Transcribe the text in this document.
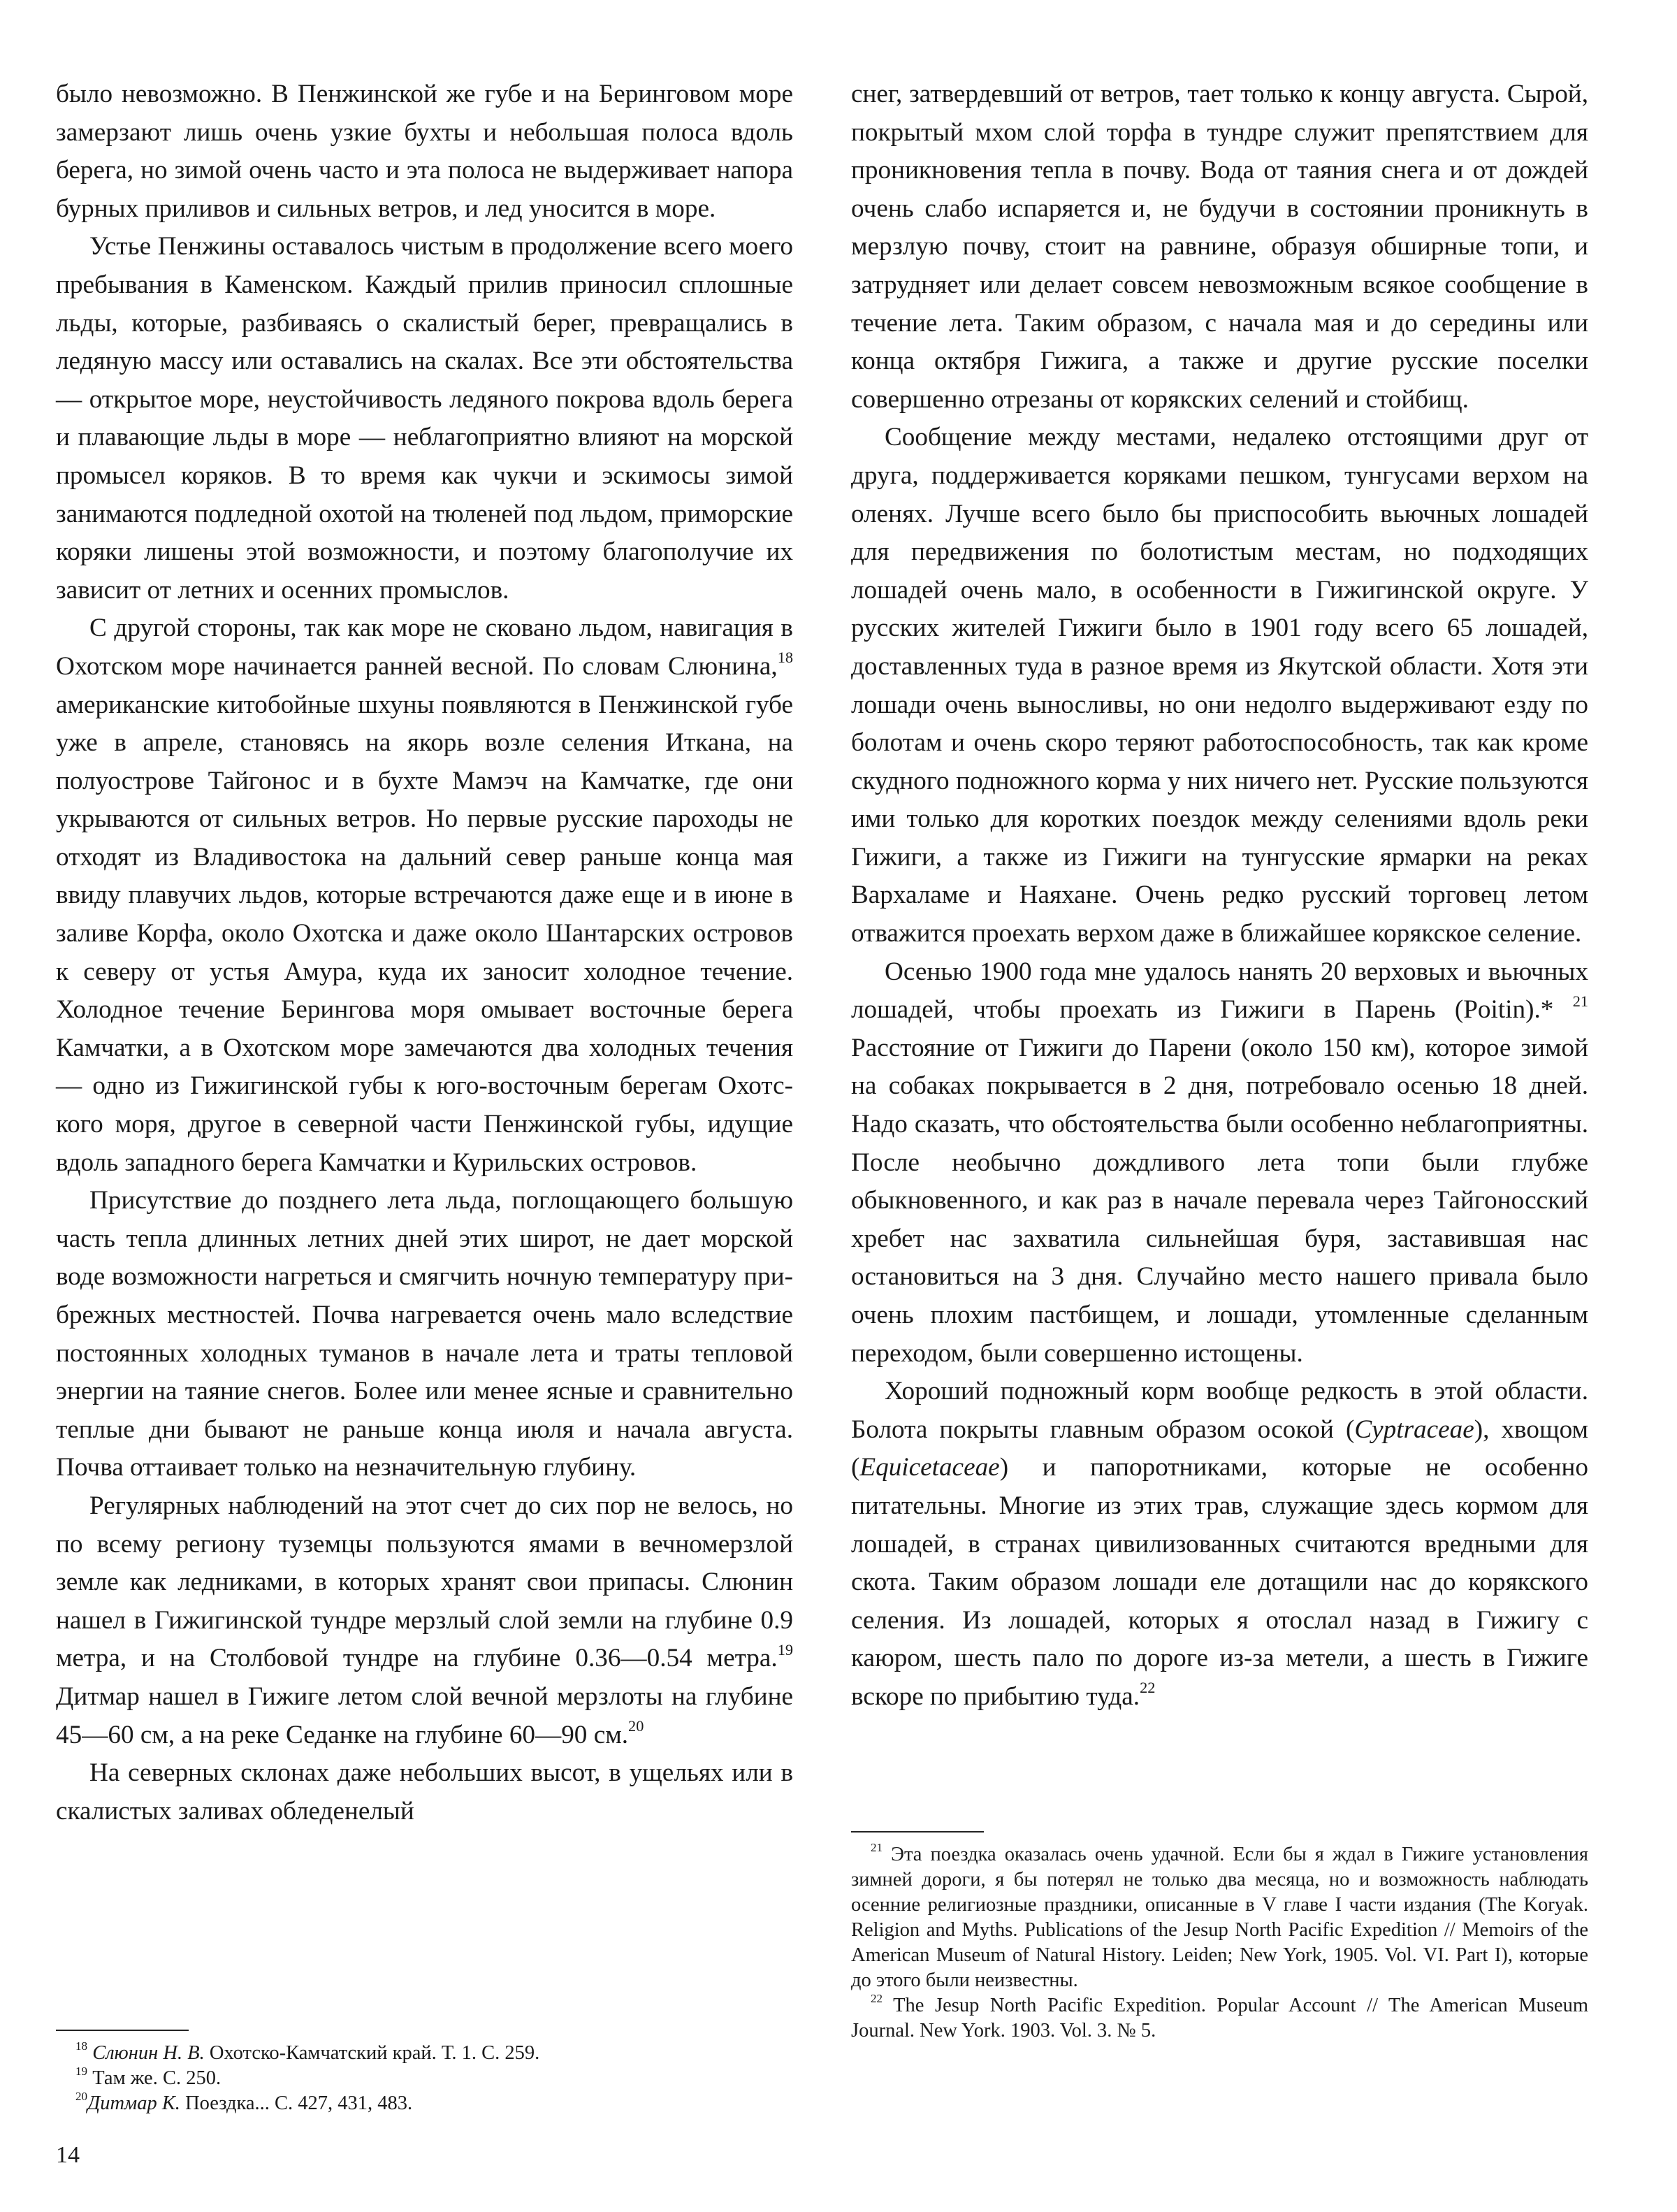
было невозможно. В Пенжинской же губе и на Беринговом море замерзают лишь очень узкие бухты и небольшая полоса вдоль берега, но зимой очень часто и эта полоса не выдерживает напора бурных приливов и сильных ветров, и лед уносится в море.

Устье Пенжины оставалось чистым в продолжение всего моего пребывания в Каменском. Каждый прилив приносил сплошные льды, которые, разбиваясь о скалистый берег, превращались в ледяную массу или оставались на скалах. Все эти обстоятельства — открытое море, неустойчивость ледяного покрова вдоль берега и плавающие льды в море — неблагоприятно влияют на морской промысел коряков. В то время как чукчи и эскимосы зимой занимаются подледной охотой на тюленей под льдом, приморские коряки лишены этой возможности, и поэтому благополучие их зависит от летних и осенних промыслов.

С другой стороны, так как море не сковано льдом, навигация в Охотском море начинается ранней весной. По словам Слюнина,$^{18}$ американские китобойные шхуны появляются в Пенжинской губе уже в апреле, становясь на якорь возле селения Иткана, на полуострове Тайгонос и в бухте Мамэч на Камчатке, где они укрываются от сильных ветров. Но первые русские пароходы не отходят из Владивостока на дальний север раньше конца мая ввиду плавучих льдов, которые встречаются даже еще и в июне в заливе Корфа, около Охотска и даже около Шантарских островов к северу от устья Амура, куда их заносит холодное течение. Холодное течение Берингова моря омывает восточные берега Камчатки, а в Охотском море замечаются два холодных течения — одно из Гижигинской губы к юго-восточным берегам Охотского моря, другое в северной части Пенжинской губы, идущие вдоль западного берега Камчатки и Курильских островов.

Присутствие до позднего лета льда, поглощающего большую часть тепла длинных летних дней этих широт, не дает морской воде возможности нагреться и смягчить ночную температуру прибрежных местностей. Почва нагревается очень мало вследствие постоянных холодных туманов в начале лета и траты тепловой энергии на таяние снегов. Более или менее ясные и сравнительно теплые дни бывают не раньше конца июля и начала августа. Почва оттаивает только на незначительную глубину.

Регулярных наблюдений на этот счет до сих пор не велось, но по всему региону туземцы пользуются ямами в вечномерзлой земле как ледниками, в которых хранят свои припасы. Слюнин нашел в Гижигинской тундре мерзлый слой земли на глубине 0.9 метра, и на Столбовой тундре на глубине 0.36—0.54 метра.$^{19}$ Дитмар нашел в Гижиге летом слой вечной мерзлоты на глубине 45—60 см, а на реке Седанке на глубине 60—90 см.$^{20}$

На северных склонах даже небольших высот, в ущельях или в скалистых заливах обледенелый

$^{18}$ Слюнин Н. В. Охотско-Камчатский край. Т. 1. С. 259.

$^{19}$ Там же. С. 250.

$^{20}$Дитмар К. Поездка... С. 427, 431, 483.

снег, затвердевший от ветров, тает только к концу августа. Сырой, покрытый мхом слой торфа в тундре служит препятствием для проникновения тепла в почву. Вода от таяния снега и от дождей очень слабо испаряется и, не будучи в состоянии проникнуть в мерзлую почву, стоит на равнине, образуя обширные топи, и затрудняет или делает совсем невозможным всякое сообщение в течение лета. Таким образом, с начала мая и до середины или конца октября Гижига, а также и другие русские поселки совершенно отрезаны от корякских селений и стойбищ.

Сообщение между местами, недалеко отстоящими друг от друга, поддерживается коряками пешком, тунгусами верхом на оленях. Лучше всего было бы приспособить вьючных лошадей для передвижения по болотистым местам, но подходящих лошадей очень мало, в особенности в Гижигинской округе. У русских жителей Гижиги было в 1901 году всего 65 лошадей, доставленных туда в разное время из Якутской области. Хотя эти лошади очень выносливы, но они недолго выдерживают езду по болотам и очень скоро теряют работоспособность, так как кроме скудного подножного корма у них ничего нет. Русские пользуются ими только для коротких поездок между селениями вдоль реки Гижиги, а также из Гижиги на тунгусские ярмарки на реках Вархаламе и Наяхане. Очень редко русский торговец летом отважится проехать верхом даже в ближайшее корякское селение.

Осенью 1900 года мне удалось нанять 20 верховых и вьючных лошадей, чтобы проехать из Гижиги в Парень (Poitin).* $^{21}$ Расстояние от Гижиги до Парени (около 150 км), которое зимой на собаках покрывается в 2 дня, потребовало осенью 18 дней. Надо сказать, что обстоятельства были особенно неблагоприятны. После необычно дождливого лета топи были глубже обыкновенного, и как раз в начале перевала через Тайгоносский хребет нас захватила сильнейшая буря, заставившая нас остановиться на 3 дня. Случайно место нашего привала было очень плохим пастбищем, и лошади, утомленные сделанным переходом, были совершенно истощены.

Хороший подножный корм вообще редкость в этой области. Болота покрыты главным образом осокой (Cyptraceae), хвощом (Equicetaceae) и папоротниками, которые не особенно питательны. Многие из этих трав, служащие здесь кормом для лошадей, в странах цивилизованных считаются вредными для скота. Таким образом лошади еле дотащили нас до корякского селения. Из лошадей, которых я отослал назад в Гижигу с каюром, шесть пало по дороге из-за метели, а шесть в Гижиге вскоре по прибытию туда.$^{22}$

$^{21}$ Эта поездка оказалась очень удачной. Если бы я ждал в Гижиге установления зимней дороги, я бы потерял не только два месяца, но и возможность наблюдать осенние религиозные праздники, описанные в V главе I части издания (The Koryak. Religion and Myths. Publications of the Jesup North Pacific Expedition // Memoirs of the American Museum of Natural History. Leiden; New York, 1905. Vol. VI. Part I), которые до этого были неизвестны.

$^{22}$ The Jesup North Pacific Expedition. Popular Account // The American Museum Journal. New York. 1903. Vol. 3. № 5.

14
